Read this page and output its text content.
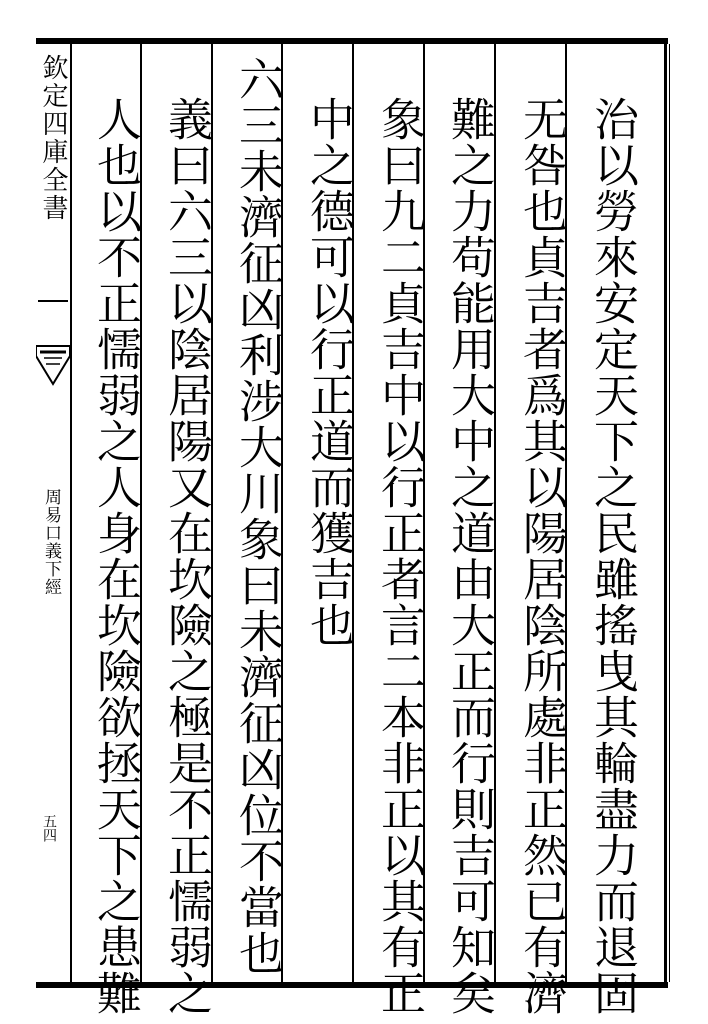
欽定四庫全書
周易口義下經
五四	治以勞來安定天下之民雖搖曳其輪盡力而退固
无咎也貞吉者爲其以陽居陰所處非正然已有濟
難之力苟能用大中之道由大正而行則吉可知矣
象曰九二貞吉中以行正者言二本非正以其有正
中之德可以行正道而獲吉也
六三未濟征凶利涉大川象曰未濟征凶位不當也
義曰六三以陰居陽又在坎險之極是不正懦弱之
人也以不正懦弱之人身在坎險欲拯天下之患難
